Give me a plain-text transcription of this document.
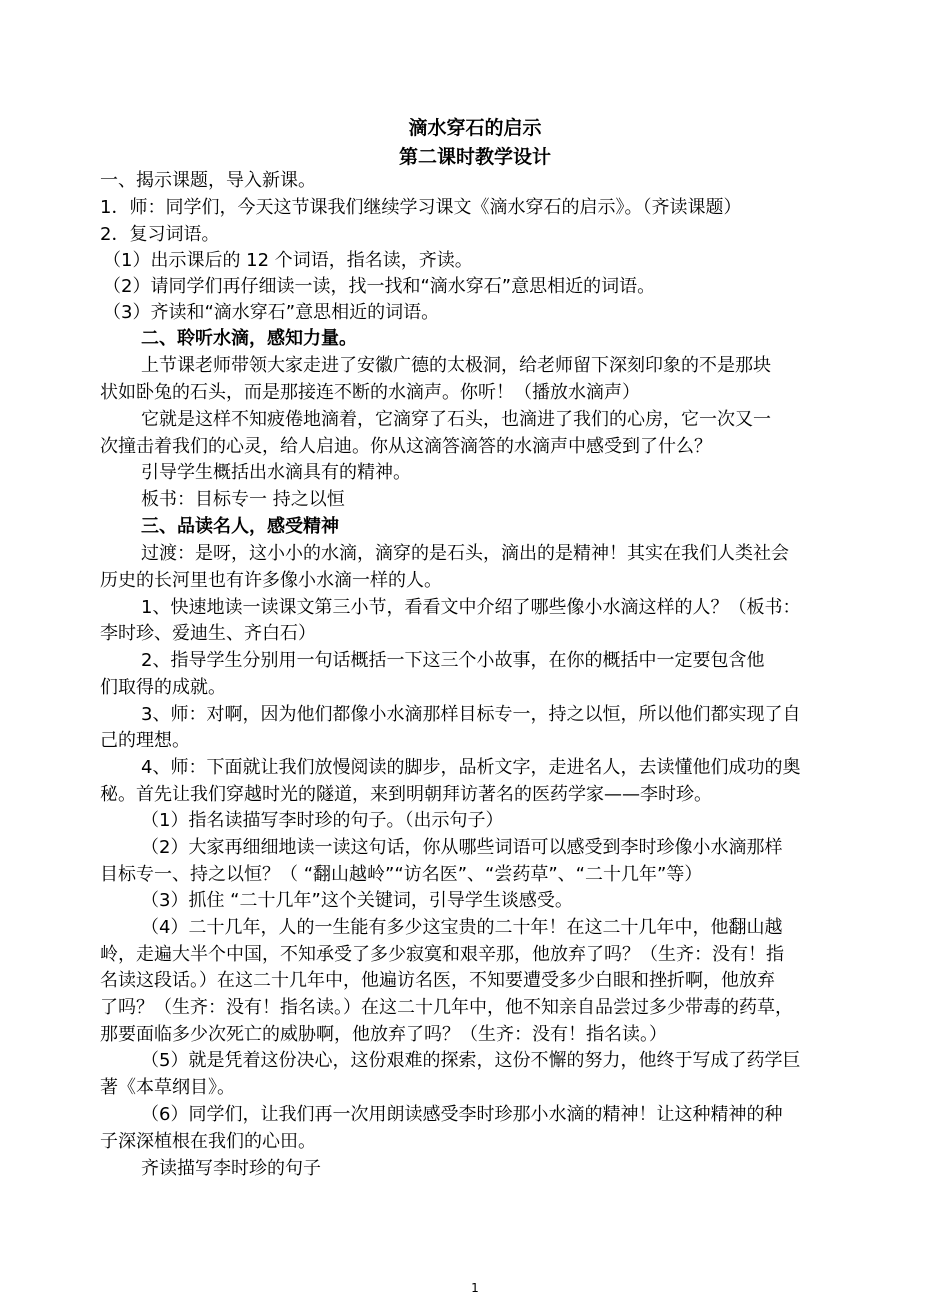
滴水穿石的启示
第二课时教学设计
一、揭示课题，导入新课。
1．师：同学们，今天这节课我们继续学习课文《滴水穿石的启示》。（齐读课题）
2．复习词语。
（1）出示课后的 12 个词语，指名读，齐读。
（2）请同学们再仔细读一读，找一找和“滴水穿石”意思相近的词语。
（3）齐读和“滴水穿石”意思相近的词语。
二、聆听水滴，感知力量。
上节课老师带领大家走进了安徽广德的太极洞，给老师留下深刻印象的不是那块
状如卧兔的石头，而是那接连不断的水滴声。你听！（播放水滴声）
它就是这样不知疲倦地滴着，它滴穿了石头，也滴进了我们的心房，它一次又一
次撞击着我们的心灵，给人启迪。你从这滴答滴答的水滴声中感受到了什么？
引导学生概括出水滴具有的精神。
板书：目标专一 持之以恒
三、品读名人，感受精神
过渡：是呀，这小小的水滴，滴穿的是石头，滴出的是精神！其实在我们人类社会
历史的长河里也有许多像小水滴一样的人。
1、快速地读一读课文第三小节，看看文中介绍了哪些像小水滴这样的人？（板书：
李时珍、爱迪生、齐白石）
2、指导学生分别用一句话概括一下这三个小故事，在你的概括中一定要包含他
们取得的成就。
3、师：对啊，因为他们都像小水滴那样目标专一，持之以恒，所以他们都实现了自
己的理想。
4、师：下面就让我们放慢阅读的脚步，品析文字，走进名人，去读懂他们成功的奥
秘。首先让我们穿越时光的隧道，来到明朝拜访著名的医药学家——李时珍。
（1）指名读描写李时珍的句子。（出示句子）
（2）大家再细细地读一读这句话，你从哪些词语可以感受到李时珍像小水滴那样
目标专一、持之以恒？（ “翻山越岭”“访名医”、“尝药草”、“二十几年”等）
（3）抓住 “二十几年”这个关键词，引导学生谈感受。
（4）二十几年，人的一生能有多少这宝贵的二十年！在这二十几年中，他翻山越
岭，走遍大半个中国，不知承受了多少寂寞和艰辛那，他放弃了吗？（生齐：没有！指
名读这段话。）在这二十几年中，他遍访名医，不知要遭受多少白眼和挫折啊，他放弃
了吗？（生齐：没有！指名读。）在这二十几年中，他不知亲自品尝过多少带毒的药草，
那要面临多少次死亡的威胁啊，他放弃了吗？（生齐：没有！指名读。）
（5）就是凭着这份决心，这份艰难的探索，这份不懈的努力，他终于写成了药学巨
著《本草纲目》。
（6）同学们，让我们再一次用朗读感受李时珍那小水滴的精神！让这种精神的种
子深深植根在我们的心田。
齐读描写李时珍的句子
1
